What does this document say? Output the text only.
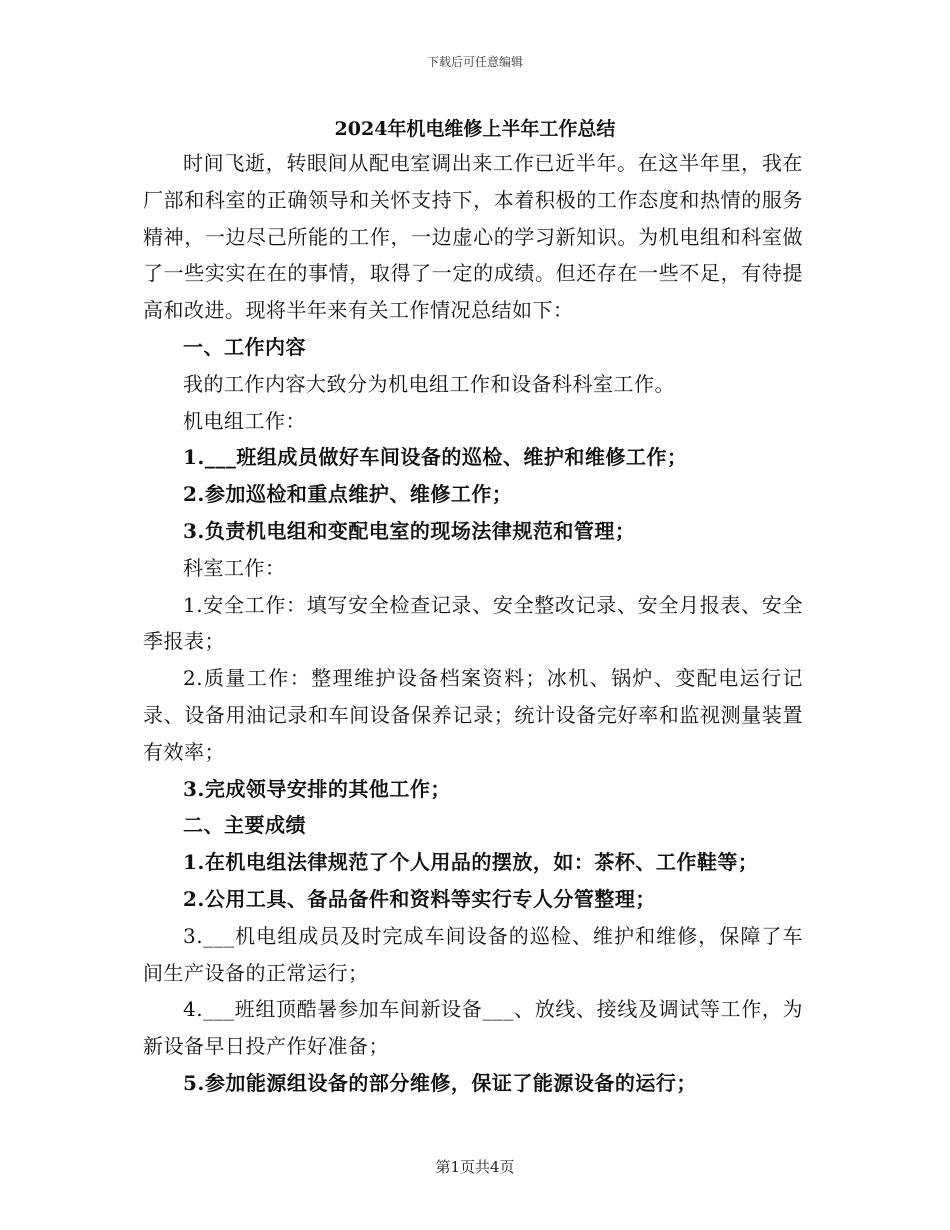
下载后可任意编辑
2024年机电维修上半年工作总结

时间飞逝，转眼间从配电室调出来工作已近半年。在这半年里，我在厂部和科室的正确领导和关怀支持下，本着积极的工作态度和热情的服务精神，一边尽己所能的工作，一边虚心的学习新知识。为机电组和科室做了一些实实在在的事情，取得了一定的成绩。但还存在一些不足，有待提高和改进。现将半年来有关工作情况总结如下：

一、工作内容

我的工作内容大致分为机电组工作和设备科科室工作。

机电组工作：

1.___班组成员做好车间设备的巡检、维护和维修工作；

2.参加巡检和重点维护、维修工作；

3.负责机电组和变配电室的现场法律规范和管理；

科室工作：

1.安全工作：填写安全检查记录、安全整改记录、安全月报表、安全季报表；

2.质量工作：整理维护设备档案资料；冰机、锅炉、变配电运行记录、设备用油记录和车间设备保养记录；统计设备完好率和监视测量装置有效率；

3.完成领导安排的其他工作；

二、主要成绩

1.在机电组法律规范了个人用品的摆放，如：茶杯、工作鞋等；

2.公用工具、备品备件和资料等实行专人分管整理；

3.___机电组成员及时完成车间设备的巡检、维护和维修，保障了车间生产设备的正常运行；

4.___班组顶酷暑参加车间新设备___、放线、接线及调试等工作，为新设备早日投产作好准备；

5.参加能源组设备的部分维修，保证了能源设备的运行；

第1页共4页
